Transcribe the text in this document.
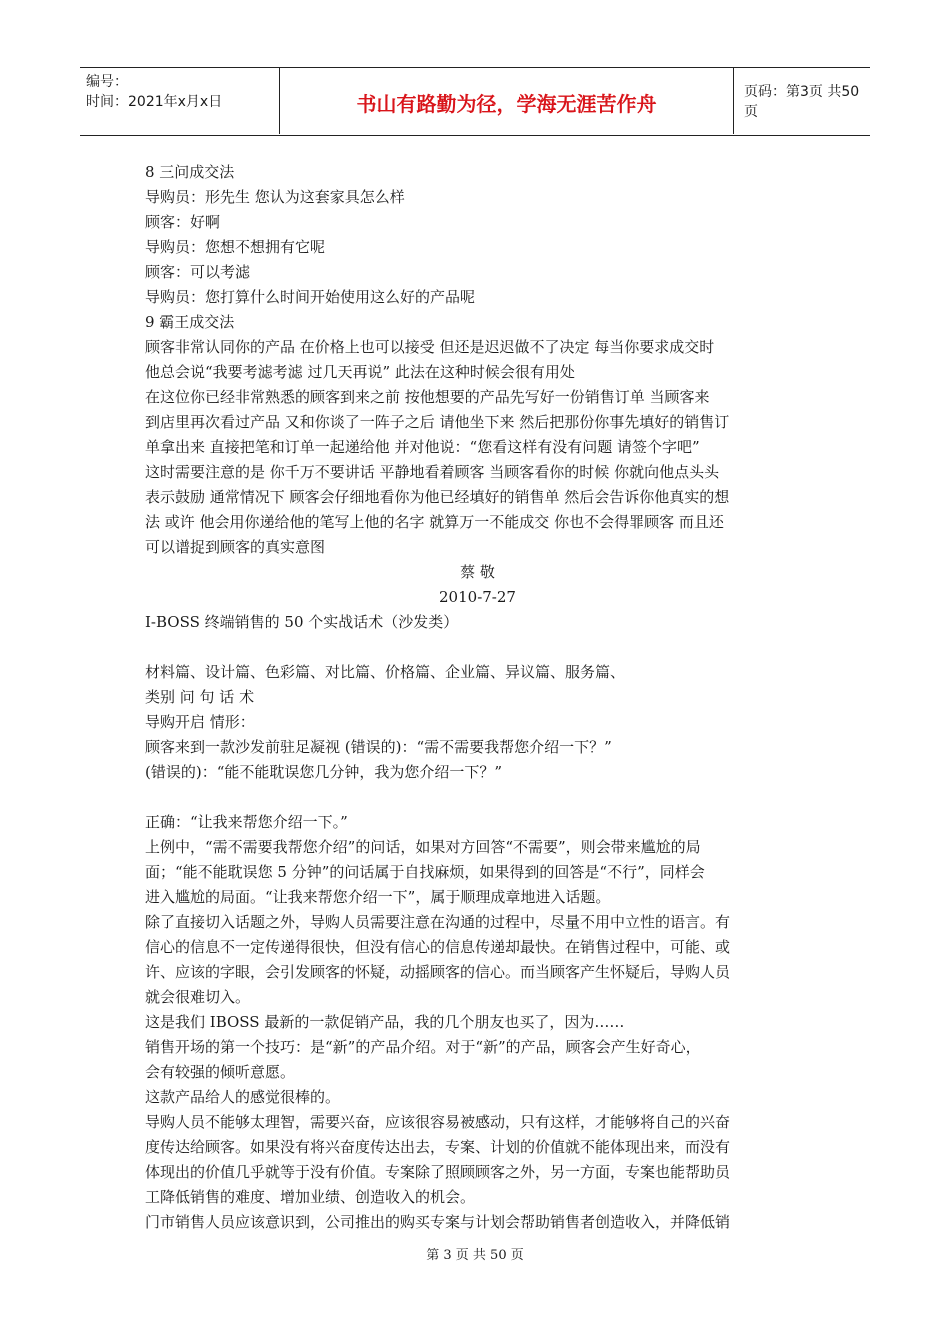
编号：
时间：2021年x月x日	书山有路勤为径，学海无涯苦作舟	页码：第3页 共50页
8 三问成交法
导购员：形先生 您认为这套家具怎么样
顾客：好啊
导购员：您想不想拥有它呢
顾客：可以考滤
导购员：您打算什么时间开始使用这么好的产品呢
9 霸王成交法
顾客非常认同你的产品 在价格上也可以接受 但还是迟迟做不了决定 每当你要求成交时
他总会说“我要考滤考滤 过几天再说” 此法在这种时候会很有用处
在这位你已经非常熟悉的顾客到来之前 按他想要的产品先写好一份销售订单 当顾客来
到店里再次看过产品 又和你谈了一阵子之后 请他坐下来 然后把那份你事先填好的销售订
单拿出来 直接把笔和订单一起递给他 并对他说：“您看这样有没有问题 请签个字吧”
这时需要注意的是 你千万不要讲话 平静地看着顾客 当顾客看你的时候 你就向他点头头
表示鼓励 通常情况下 顾客会仔细地看你为他已经填好的销售单 然后会告诉你他真实的想
法 或许 他会用你递给他的笔写上他的名字 就算万一不能成交 你也不会得罪顾客 而且还
可以谱捉到顾客的真实意图
蔡 敬
2010-7-27
I-BOSS 终端销售的 50 个实战话术（沙发类）
材料篇、设计篇、色彩篇、对比篇、价格篇、企业篇、异议篇、服务篇、
类别 问 句 话 术
导购开启 情形：
顾客来到一款沙发前驻足凝视 (错误的)：“需不需要我帮您介绍一下？”
(错误的)：“能不能耽误您几分钟，我为您介绍一下？”
正确：“让我来帮您介绍一下。”
上例中，“需不需要我帮您介绍”的问话，如果对方回答“不需要”，则会带来尴尬的局
面；“能不能耽误您 5 分钟”的问话属于自找麻烦，如果得到的回答是“不行”，同样会
进入尴尬的局面。“让我来帮您介绍一下”，属于顺理成章地进入话题。
除了直接切入话题之外，导购人员需要注意在沟通的过程中，尽量不用中立性的语言。有
信心的信息不一定传递得很快，但没有信心的信息传递却最快。在销售过程中，可能、或
许、应该的字眼，会引发顾客的怀疑，动摇顾客的信心。而当顾客产生怀疑后，导购人员
就会很难切入。
这是我们 IBOSS 最新的一款促销产品，我的几个朋友也买了，因为……
销售开场的第一个技巧：是“新”的产品介绍。对于“新”的产品，顾客会产生好奇心，
会有较强的倾听意愿。
这款产品给人的感觉很棒的。
导购人员不能够太理智，需要兴奋，应该很容易被感动，只有这样，才能够将自己的兴奋
度传达给顾客。如果没有将兴奋度传达出去，专案、计划的价值就不能体现出来，而没有
体现出的价值几乎就等于没有价值。专案除了照顾顾客之外，另一方面，专案也能帮助员
工降低销售的难度、增加业绩、创造收入的机会。
门市销售人员应该意识到，公司推出的购买专案与计划会帮助销售者创造收入，并降低销
第 3 页 共 50 页
